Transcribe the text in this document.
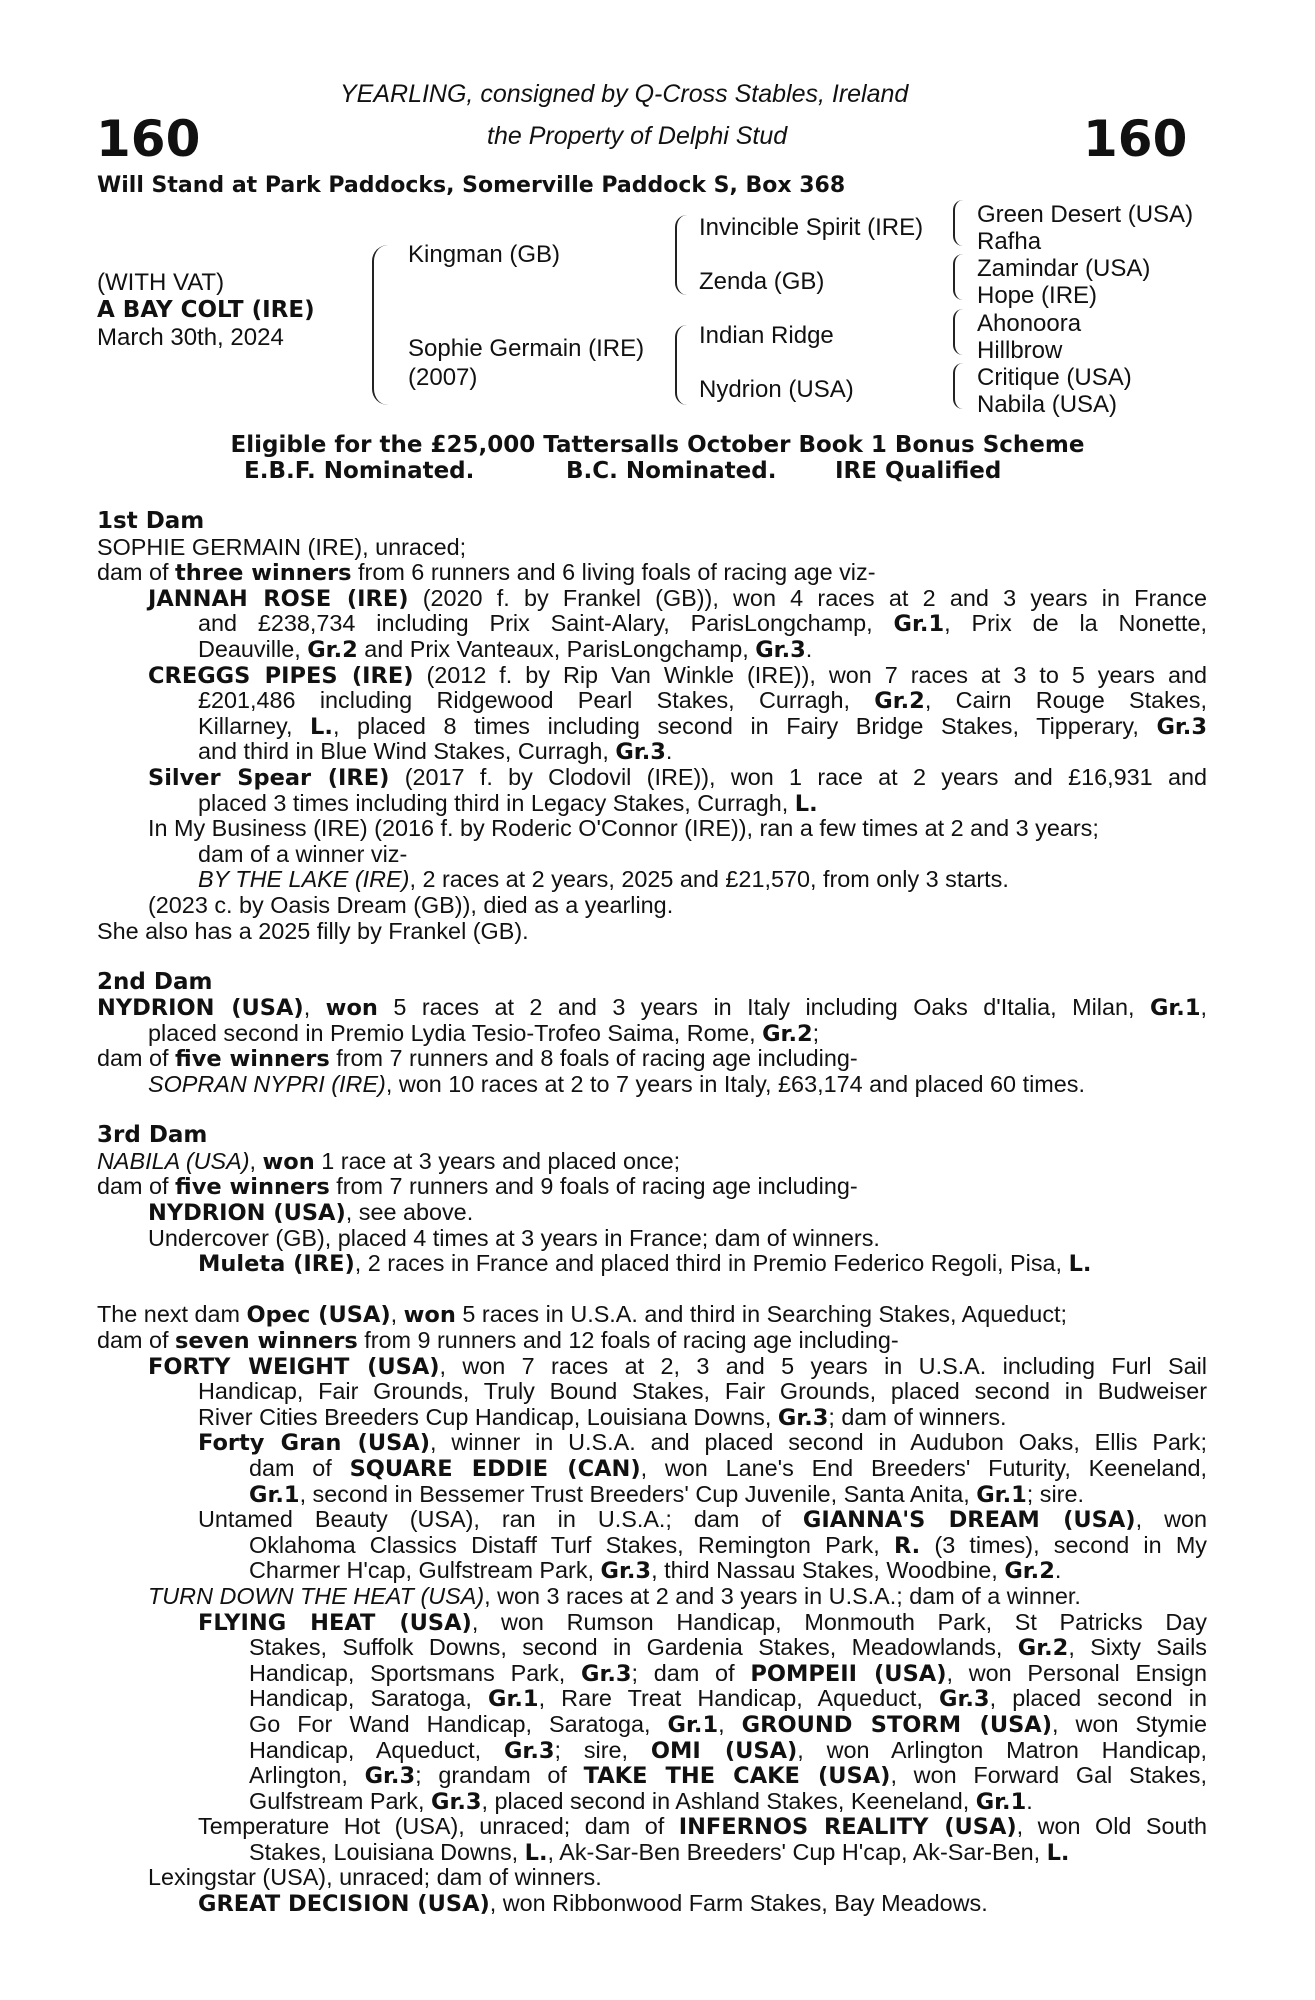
YEARLING, consigned by Q-Cross Stables, Ireland
the Property of Delphi Stud
160	160
Will Stand at Park Paddocks, Somerville Paddock S, Box 368
(WITH VAT)
A BAY COLT (IRE)
March 30th, 2024
Kingman (GB)
Sophie Germain (IRE)
(2007)
Invincible Spirit (IRE)
Zenda (GB)
Indian Ridge
Nydrion (USA)
Green Desert (USA)
Rafha
Zamindar (USA)
Hope (IRE)
Ahonoora
Hillbrow
Critique (USA)
Nabila (USA)
Eligible for the £25,000 Tattersalls October Book 1 Bonus Scheme
E.B.F. Nominated.	B.C. Nominated.	IRE Qualified
1st Dam
SOPHIE GERMAIN (IRE), unraced;
dam of three winners from 6 runners and 6 living foals of racing age viz-
JANNAH ROSE (IRE) (2020 f. by Frankel (GB)), won 4 races at 2 and 3 years in France
and £238,734 including Prix Saint-Alary, ParisLongchamp, Gr.1, Prix de la Nonette,
Deauville, Gr.2 and Prix Vanteaux, ParisLongchamp, Gr.3.
CREGGS PIPES (IRE) (2012 f. by Rip Van Winkle (IRE)), won 7 races at 3 to 5 years and
£201,486 including Ridgewood Pearl Stakes, Curragh, Gr.2, Cairn Rouge Stakes,
Killarney, L., placed 8 times including second in Fairy Bridge Stakes, Tipperary, Gr.3
and third in Blue Wind Stakes, Curragh, Gr.3.
Silver Spear (IRE) (2017 f. by Clodovil (IRE)), won 1 race at 2 years and £16,931 and
placed 3 times including third in Legacy Stakes, Curragh, L.
In My Business (IRE) (2016 f. by Roderic O'Connor (IRE)), ran a few times at 2 and 3 years;
dam of a winner viz-
BY THE LAKE (IRE), 2 races at 2 years, 2025 and £21,570, from only 3 starts.
(2023 c. by Oasis Dream (GB)), died as a yearling.
She also has a 2025 filly by Frankel (GB).
2nd Dam
NYDRION (USA), won 5 races at 2 and 3 years in Italy including Oaks d'Italia, Milan, Gr.1,
placed second in Premio Lydia Tesio-Trofeo Saima, Rome, Gr.2;
dam of five winners from 7 runners and 8 foals of racing age including-
SOPRAN NYPRI (IRE), won 10 races at 2 to 7 years in Italy, £63,174 and placed 60 times.
3rd Dam
NABILA (USA), won 1 race at 3 years and placed once;
dam of five winners from 7 runners and 9 foals of racing age including-
NYDRION (USA), see above.
Undercover (GB), placed 4 times at 3 years in France; dam of winners.
Muleta (IRE), 2 races in France and placed third in Premio Federico Regoli, Pisa, L.
The next dam Opec (USA), won 5 races in U.S.A. and third in Searching Stakes, Aqueduct;
dam of seven winners from 9 runners and 12 foals of racing age including-
FORTY WEIGHT (USA), won 7 races at 2, 3 and 5 years in U.S.A. including Furl Sail
Handicap, Fair Grounds, Truly Bound Stakes, Fair Grounds, placed second in Budweiser
River Cities Breeders Cup Handicap, Louisiana Downs, Gr.3; dam of winners.
Forty Gran (USA), winner in U.S.A. and placed second in Audubon Oaks, Ellis Park;
dam of SQUARE EDDIE (CAN), won Lane's End Breeders' Futurity, Keeneland,
Gr.1, second in Bessemer Trust Breeders' Cup Juvenile, Santa Anita, Gr.1; sire.
Untamed Beauty (USA), ran in U.S.A.; dam of GIANNA'S DREAM (USA), won
Oklahoma Classics Distaff Turf Stakes, Remington Park, R. (3 times), second in My
Charmer H'cap, Gulfstream Park, Gr.3, third Nassau Stakes, Woodbine, Gr.2.
TURN DOWN THE HEAT (USA), won 3 races at 2 and 3 years in U.S.A.; dam of a winner.
FLYING HEAT (USA), won Rumson Handicap, Monmouth Park, St Patricks Day
Stakes, Suffolk Downs, second in Gardenia Stakes, Meadowlands, Gr.2, Sixty Sails
Handicap, Sportsmans Park, Gr.3; dam of POMPEII (USA), won Personal Ensign
Handicap, Saratoga, Gr.1, Rare Treat Handicap, Aqueduct, Gr.3, placed second in
Go For Wand Handicap, Saratoga, Gr.1, GROUND STORM (USA), won Stymie
Handicap, Aqueduct, Gr.3; sire, OMI (USA), won Arlington Matron Handicap,
Arlington, Gr.3; grandam of TAKE THE CAKE (USA), won Forward Gal Stakes,
Gulfstream Park, Gr.3, placed second in Ashland Stakes, Keeneland, Gr.1.
Temperature Hot (USA), unraced; dam of INFERNOS REALITY (USA), won Old South
Stakes, Louisiana Downs, L., Ak-Sar-Ben Breeders' Cup H'cap, Ak-Sar-Ben, L.
Lexingstar (USA), unraced; dam of winners.
GREAT DECISION (USA), won Ribbonwood Farm Stakes, Bay Meadows.
